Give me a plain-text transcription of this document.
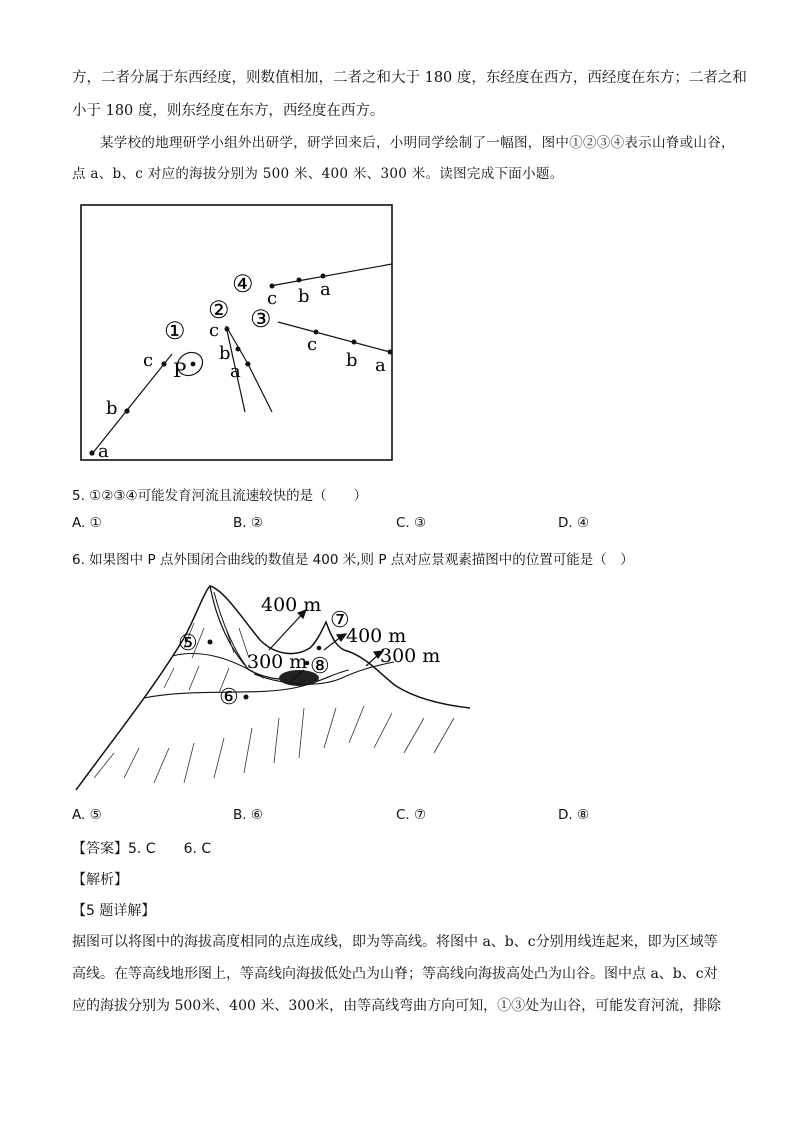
方，二者分属于东西经度，则数值相加，二者之和大于 180 度，东经度在西方，西经度在东方；二者之和
小于 180 度，则东经度在东方，西经度在西方。
某学校的地理研学小组外出研学，研学回来后，小明同学绘制了一幅图，图中①②③④表示山脊或山谷，
点 a、b、c 对应的海拔分别为 500 米、400 米、300 米。读图完成下面小题。
a
b
c
①
P
c
b
a
②
c
b a
③
c b a
④
5. ①②③④可能发育河流且流速较快的是（　　）
A. ①	B. ②	C. ③	D. ④
6. 如果图中 P 点外围闭合曲线的数值是 400 米,则 P 点对应景观素描图中的位置可能是（　）
400 m
400 m
300 m	300 m
⑤
⑥
⑦
⑧
A. ⑤	B. ⑥	C. ⑦	D. ⑧
【答案】5. C　　6. C
【解析】
【5 题详解】
据图可以将图中的海拔高度相同的点连成线，即为等高线。将图中 a、b、c分别用线连起来，即为区域等
高线。在等高线地形图上，等高线向海拔低处凸为山脊；等高线向海拔高处凸为山谷。图中点 a、b、c对
应的海拔分别为 500米、400 米、300米，由等高线弯曲方向可知，①③处为山谷，可能发育河流，排除
